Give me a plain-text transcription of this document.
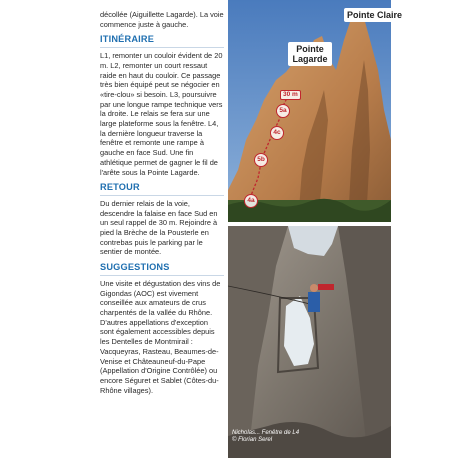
décollée (Aiguillette Lagarde). La voie commence juste à gauche.

ITINÉRAIRE

L1, remonter un couloir évident de 20 m. L2, remonter un court ressaut raide en haut du couloir. Ce passage très bien équipé peut se négocier en «tire-clou» si besoin. L3, poursuivre par une longue rampe technique vers la droite. Le relais se fera sur une large plateforme sous la fenêtre. L4, la dernière longueur traverse la fenêtre et remonte une rampe à gauche en face Sud. Une fin athlétique permet de gagner le fil de l'arête sous la Pointe Lagarde.

RETOUR

Du dernier relais de la voie, descendre la falaise en face Sud en un seul rappel de 30 m. Rejoindre à pied la Brèche de la Pousterle en contrebas puis le parking par le sentier de montée.

SUGGESTIONS

Une visite et dégustation des vins de Gigondas (AOC) est vivement conseillée aux amateurs de crus charpentés de la vallée du Rhône. D'autres appellations d'exception sont également accessibles depuis les Dentelles de Montmirail : Vacqueyras, Rasteau, Beaumes-de-Venise et Châteauneuf-du-Pape (Appellation d'Origine Contrôlée) ou encore Séguret et Sablet (Côtes-du-Rhône villages).

Pointe Claire
Pointe Lagarde
30 m
5a
4c
5b
4a
Nicholas... Fenêtre de L4
© Florian Serel
